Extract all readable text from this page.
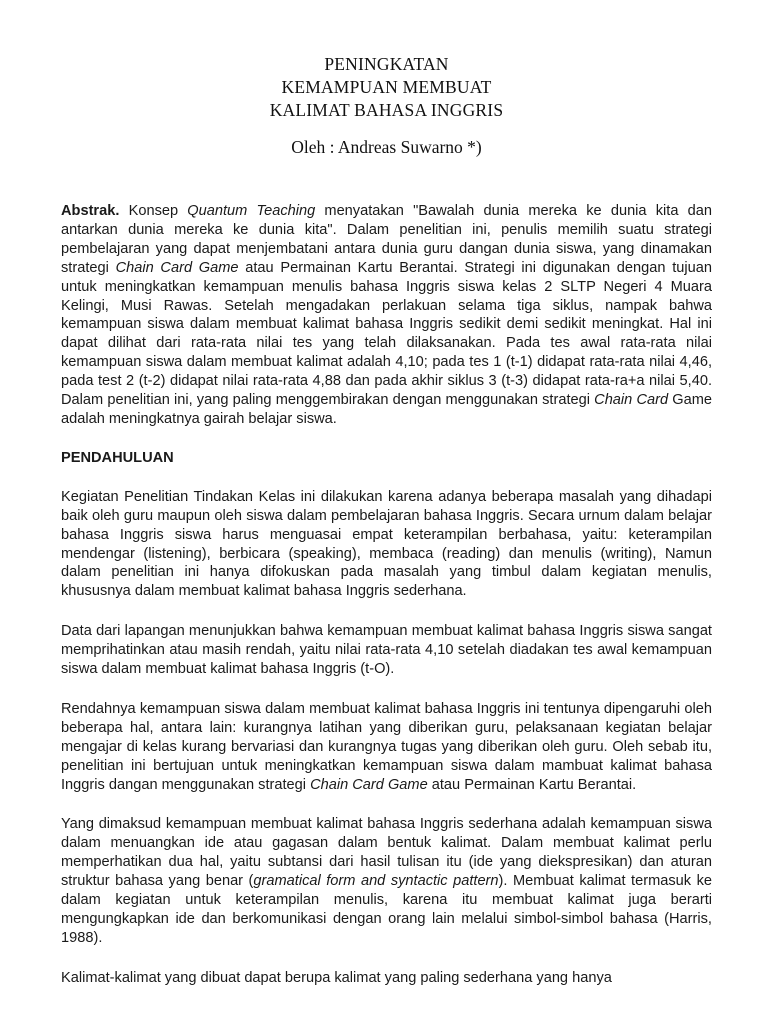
PENINGKATAN
KEMAMPUAN MEMBUAT
KALIMAT BAHASA INGGRIS
Oleh : Andreas Suwarno *)

Abstrak. Konsep Quantum Teaching menyatakan "Bawalah dunia mereka ke dunia kita dan antarkan dunia mereka ke dunia kita". Dalam penelitian ini, penulis memilih suatu strategi pembelajaran yang dapat menjembatani antara dunia guru dangan dunia siswa, yang dinamakan strategi Chain Card Game atau Permainan Kartu Berantai. Strategi ini digunakan dengan tujuan untuk meningkatkan kemampuan menulis bahasa Inggris siswa kelas 2 SLTP Negeri 4 Muara Kelingi, Musi Rawas. Setelah mengadakan perlakuan selama tiga siklus, nampak bahwa kemampuan siswa dalam membuat kalimat bahasa Inggris sedikit demi sedikit meningkat. Hal ini dapat dilihat dari rata-rata nilai tes yang telah dilaksanakan. Pada tes awal rata-rata nilai kemampuan siswa dalam membuat kalimat adalah 4,10; pada tes 1 (t-1) didapat rata-rata nilai 4,46, pada test 2 (t-2) didapat nilai rata-rata 4,88 dan pada akhir siklus 3 (t-3) didapat rata-ra+a nilai 5,40. Dalam penelitian ini, yang paling menggembirakan dengan menggunakan strategi Chain Card Game adalah meningkatnya gairah belajar siswa.

PENDAHULUAN

Kegiatan Penelitian Tindakan Kelas ini dilakukan karena adanya beberapa masalah yang dihadapi baik oleh guru maupun oleh siswa dalam pembelajaran bahasa Inggris. Secara urnum dalam belajar bahasa Inggris siswa harus menguasai empat keterampilan berbahasa, yaitu: keterampilan mendengar (listening), berbicara (speaking), membaca (reading) dan menulis (writing), Namun dalam penelitian ini hanya difokuskan pada masalah yang timbul dalam kegiatan menulis, khususnya dalam membuat kalimat bahasa Inggris sederhana.

Data dari lapangan menunjukkan bahwa kemampuan membuat kalimat bahasa Inggris siswa sangat memprihatinkan atau masih rendah, yaitu nilai rata-rata 4,10 setelah diadakan tes awal kemampuan siswa dalam membuat kalimat bahasa Inggris (t-O).

Rendahnya kemampuan siswa dalam membuat kalimat bahasa Inggris ini tentunya dipengaruhi oleh beberapa hal, antara lain: kurangnya latihan yang diberikan guru, pelaksanaan kegiatan belajar mengajar di kelas kurang bervariasi dan kurangnya tugas yang diberikan oleh guru. Oleh sebab itu, penelitian ini bertujuan untuk meningkatkan kemampuan siswa dalam mambuat kalimat bahasa Inggris dangan menggunakan strategi Chain Card Game atau Permainan Kartu Berantai.

Yang dimaksud kemampuan membuat kalimat bahasa Inggris sederhana adalah kemampuan siswa dalam menuangkan ide atau gagasan dalam bentuk kalimat. Dalam membuat kalimat perlu memperhatikan dua hal, yaitu subtansi dari hasil tulisan itu (ide yang diekspresikan) dan aturan struktur bahasa yang benar (gramatical form and syntactic pattern). Membuat kalimat termasuk ke dalam kegiatan untuk keterampilan menulis, karena itu membuat kalimat juga berarti mengungkapkan ide dan berkomunikasi dengan orang lain melalui simbol-simbol bahasa (Harris, 1988).

Kalimat-kalimat yang dibuat dapat berupa kalimat yang paling sederhana yang hanya
